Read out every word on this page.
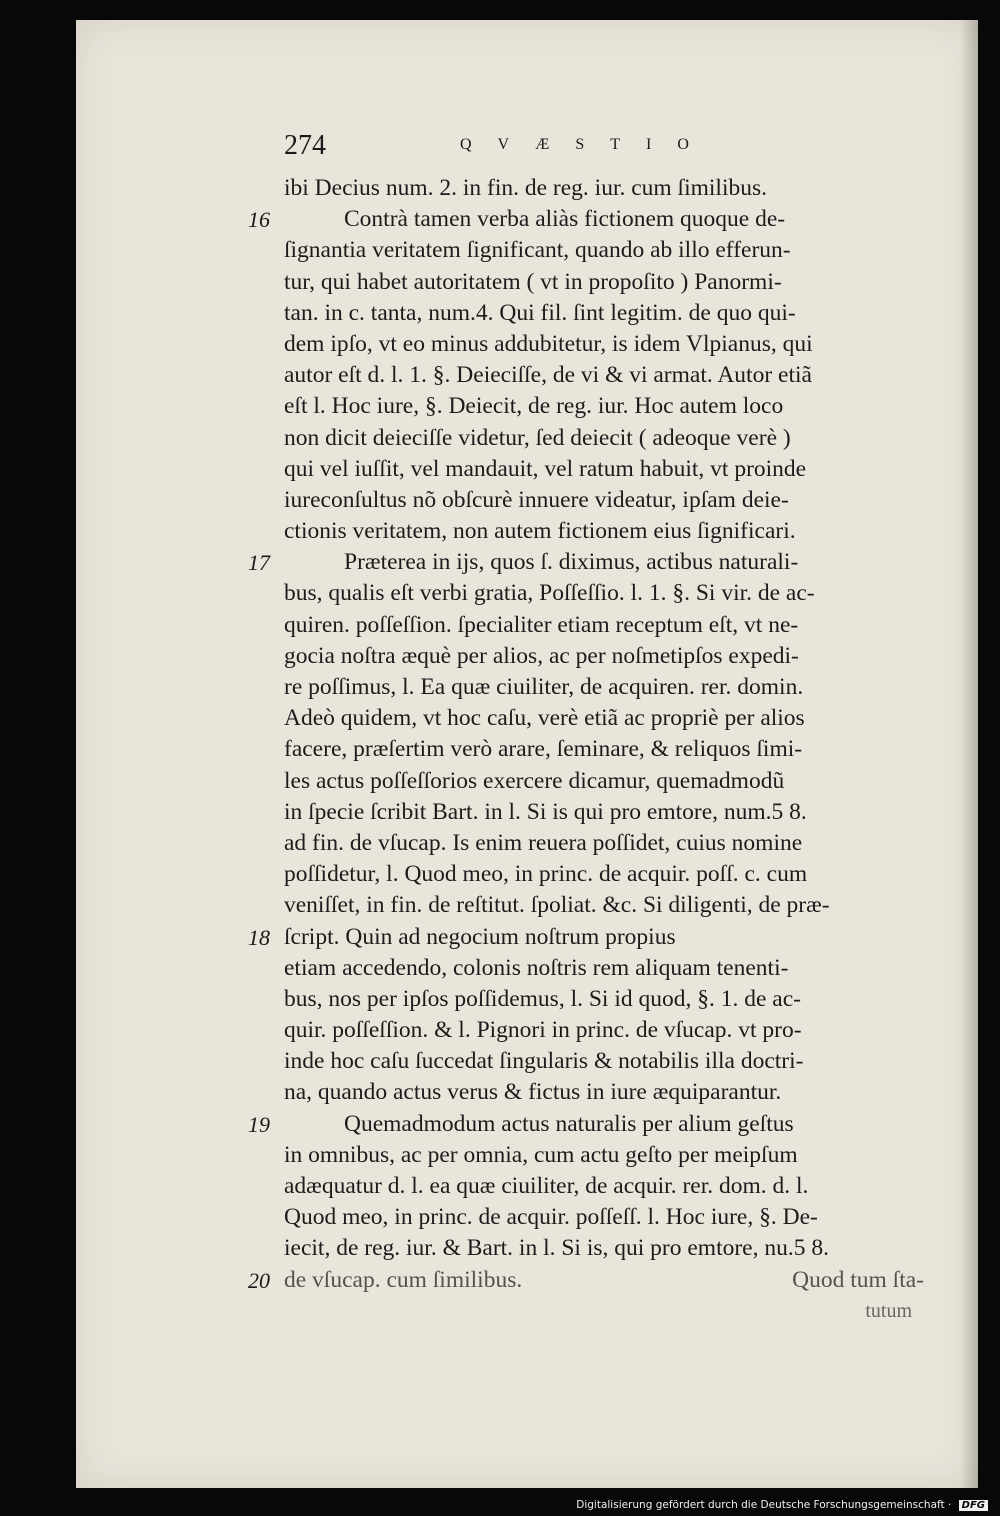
274	QVÆSTIO
ibi Decius num. 2. in fin. de reg. iur. cum ſimilibus.
16	Contrà tamen verba aliàs fictionem quoque de-
ſignantia veritatem ſignificant, quando ab illo efferun-
tur, qui habet autoritatem ( vt in propoſito ) Panormi-
tan. in c. tanta, num.4. Qui fil. ſint legitim. de quo qui-
dem ipſo, vt eo minus addubitetur, is idem Vlpianus, qui
autor eſt d. l. 1. §. Deieciſſe, de vi & vi armat. Autor etiã
eſt l. Hoc iure, §. Deiecit, de reg. iur. Hoc autem loco
non dicit deieciſſe videtur, ſed deiecit ( adeoque verè )
qui vel iuſſit, vel mandauit, vel ratum habuit, vt proinde
iureconſultus nõ obſcurè innuere videatur, ipſam deie-
ctionis veritatem, non autem fictionem eius ſignificari.
17	Præterea in ijs, quos ſ. diximus, actibus naturali-
bus, qualis eſt verbi gratia, Poſſeſſio. l. 1. §. Si vir. de ac-
quiren. poſſeſſion. ſpecialiter etiam receptum eſt, vt ne-
gocia noſtra æquè per alios, ac per noſmetipſos expedi-
re poſſimus, l. Ea quæ ciuiliter, de acquiren. rer. domin.
Adeò quidem, vt hoc caſu, verè etiã ac propriè per alios
facere, præſertim verò arare, ſeminare, & reliquos ſimi-
les actus poſſeſſorios exercere dicamur, quemadmodũ
in ſpecie ſcribit Bart. in l. Si is qui pro emtore, num.5 8.
ad fin. de vſucap. Is enim reuera poſſidet, cuius nomine
poſſidetur, l. Quod meo, in princ. de acquir. poſſ. c. cum
veniſſet, in fin. de reſtitut. ſpoliat. &c. Si diligenti, de præ-
18 ſcript. Quin ad negocium noſtrum propius
etiam accedendo, colonis noſtris rem aliquam tenenti-
bus, nos per ipſos poſſidemus, l. Si id quod, §. 1. de ac-
quir. poſſeſſion. & l. Pignori in princ. de vſucap. vt pro-
inde hoc caſu ſuccedat ſingularis & notabilis illa doctri-
na, quando actus verus & fictus in iure æquiparantur.
19	Quemadmodum actus naturalis per alium geſtus
in omnibus, ac per omnia, cum actu geſto per meipſum
adæquatur d. l. ea quæ ciuiliter, de acquir. rer. dom. d. l.
Quod meo, in princ. de acquir. poſſeſſ. l. Hoc iure, §. De-
iecit, de reg. iur. & Bart. in l. Si is, qui pro emtore, nu.5 8.
20 de vſucap. cum ſimilibus.	Quod tum ſta-
tutum
Digitalisierung gefördert durch die Deutsche Forschungsgemeinschaft · DFG
